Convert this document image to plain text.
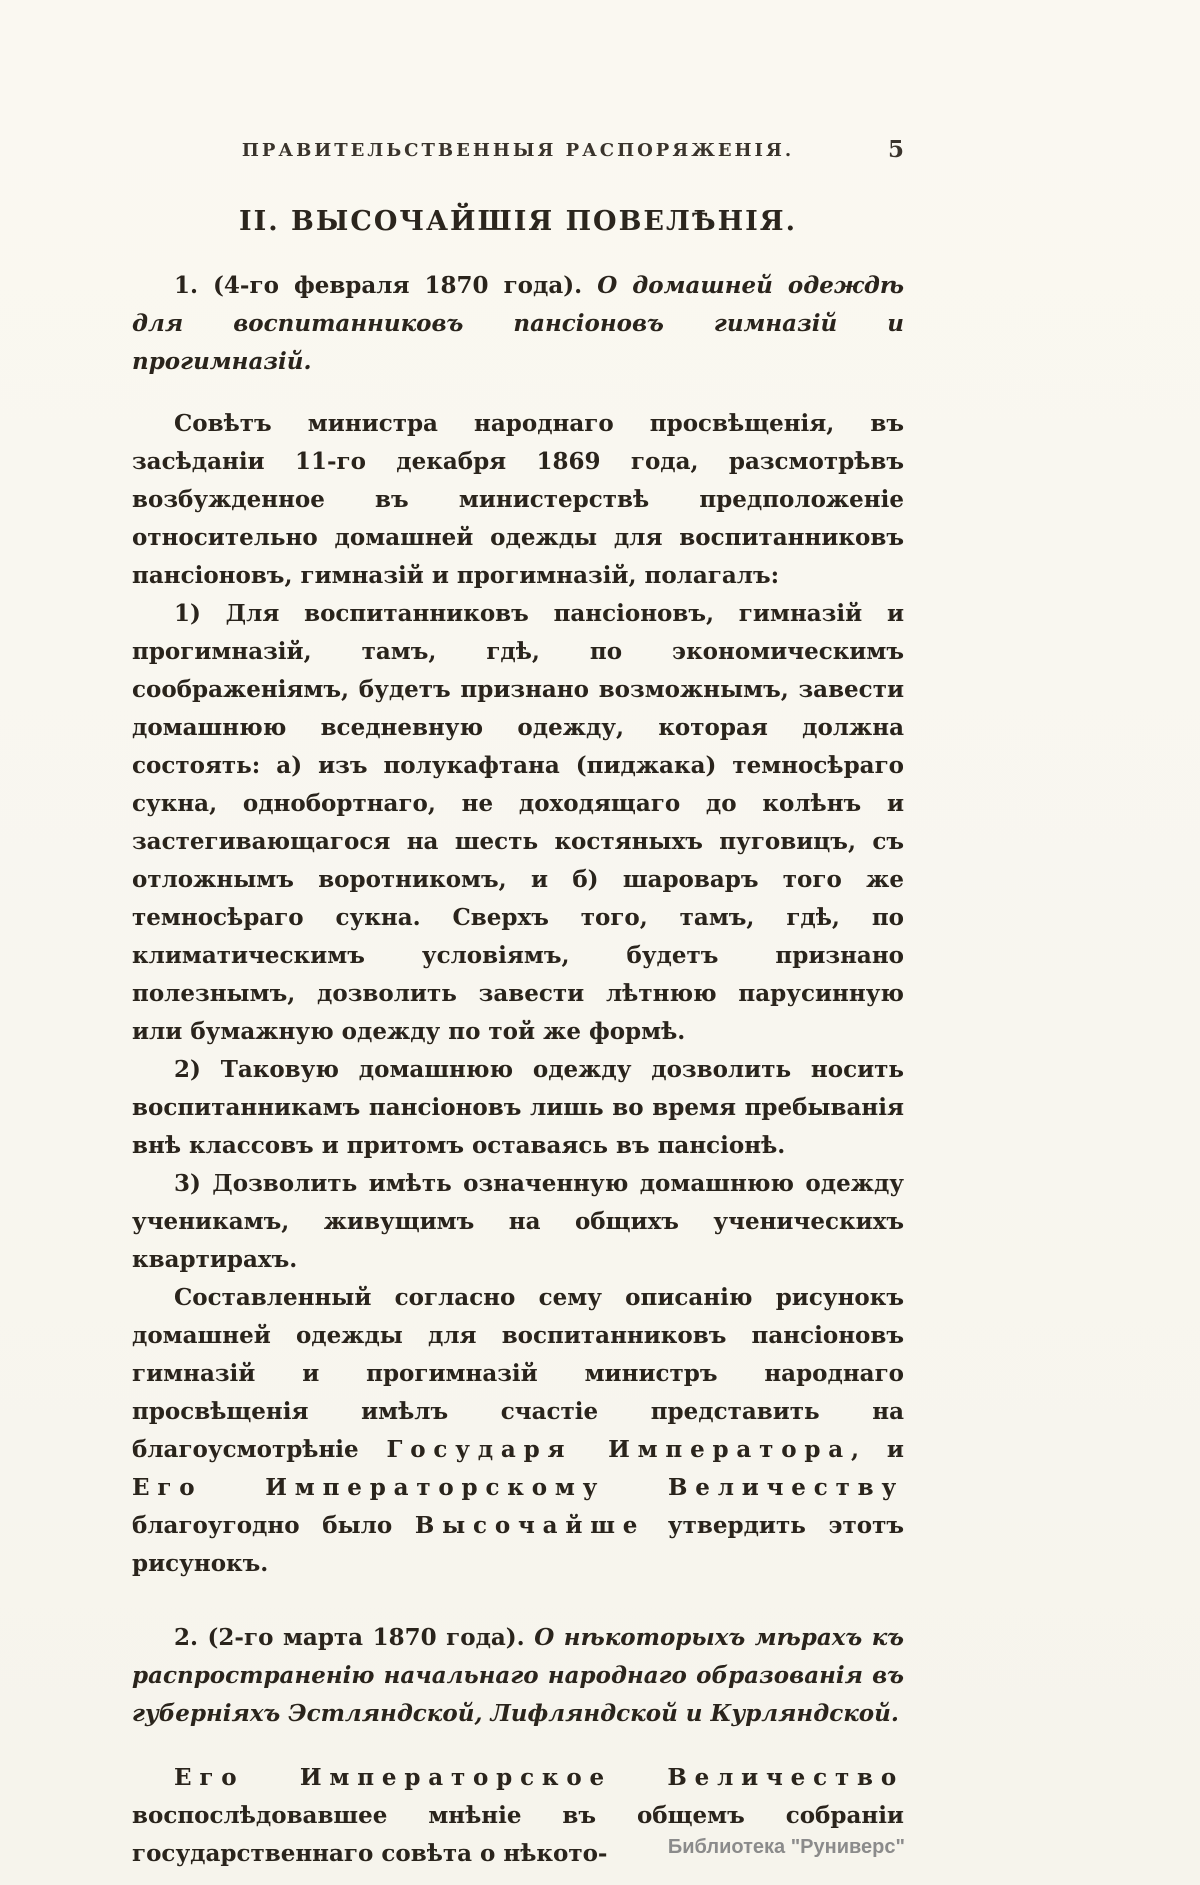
ПРАВИТЕЛЬСТВЕННЫЯ РАСПОРЯЖЕНІЯ.	5
II. ВЫСОЧАЙШІЯ ПОВЕЛѢНІЯ.

1. (4-го февраля 1870 года). О домашней одеждѣ для воспитанниковъ пансіоновъ гимназій и прогимназій.

Совѣтъ министра народнаго просвѣщенія, въ засѣданіи 11-го декабря 1869 года, разсмотрѣвъ возбужденное въ министерствѣ предположеніе относительно домашней одежды для воспитанниковъ пансіоновъ, гимназій и прогимназій, полагалъ:

1) Для воспитанниковъ пансіоновъ, гимназій и прогимназій, тамъ, гдѣ, по экономическимъ соображеніямъ, будетъ признано возможнымъ, завести домашнюю вседневную одежду, которая должна состоять: а) изъ полукафтана (пиджака) темносѣраго сукна, однобортнаго, не доходящаго до колѣнъ и застегивающагося на шесть костяныхъ пуговицъ, съ отложнымъ воротникомъ, и б) шароваръ того же темносѣраго сукна. Сверхъ того, тамъ, гдѣ, по климатическимъ условіямъ, будетъ признано полезнымъ, дозволить завести лѣтнюю парусинную или бумажную одежду по той же формѣ.

2) Таковую домашнюю одежду дозволить носить воспитанникамъ пансіоновъ лишь во время пребыванія внѣ классовъ и притомъ оставаясь въ пансіонѣ.

3) Дозволить имѣть означенную домашнюю одежду ученикамъ, живущимъ на общихъ ученическихъ квартирахъ.

Составленный согласно сему описанію рисунокъ домашней одежды для воспитанниковъ пансіоновъ гимназій и прогимназій министръ народнаго просвѣщенія имѣлъ счастіе представить на благоусмотрѣніе Государя Императора, и Его Императорскому Величеству благоугодно было Высочайше утвердить этотъ рисунокъ.

2. (2-го марта 1870 года). О нѣкоторыхъ мѣрахъ къ распространенію начальнаго народнаго образованія въ губерніяхъ Эстляндской, Лифляндской и Курляндской.

Его Императорское Величество воспослѣдовавшее мнѣніе въ общемъ собраніи государственнаго совѣта о нѣкото-	Библиотека "Руниверс"
